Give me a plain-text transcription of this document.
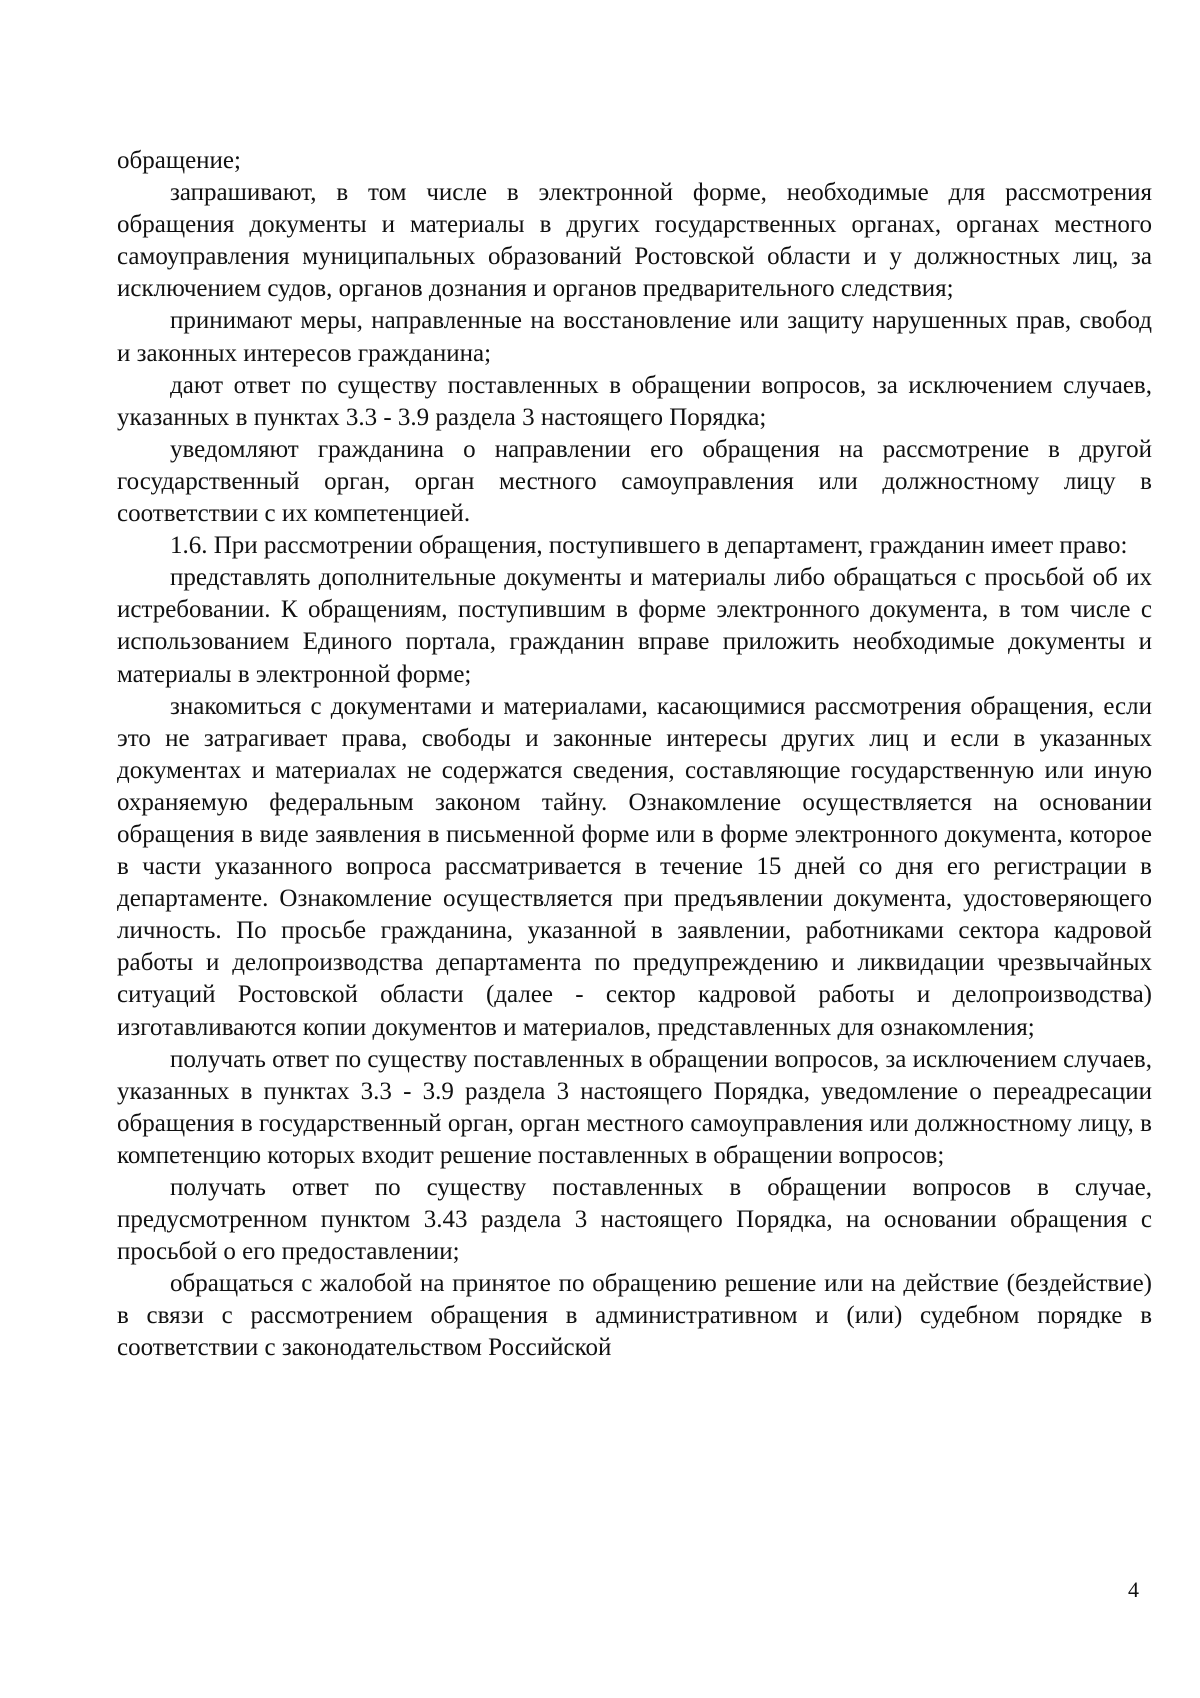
обращение;

запрашивают, в том числе в электронной форме, необходимые для рассмотрения обращения документы и материалы в других государственных органах, органах местного самоуправления муниципальных образований Ростовской области и у должностных лиц, за исключением судов, органов дознания и органов предварительного следствия;

принимают меры, направленные на восстановление или защиту нарушенных прав, свобод и законных интересов гражданина;

дают ответ по существу поставленных в обращении вопросов, за исключением случаев, указанных в пунктах 3.3 - 3.9 раздела 3 настоящего Порядка;

уведомляют гражданина о направлении его обращения на рассмотрение в другой государственный орган, орган местного самоуправления или должностному лицу в соответствии с их компетенцией.

1.6. При рассмотрении обращения, поступившего в департамент, гражданин имеет право:

представлять дополнительные документы и материалы либо обращаться с просьбой об их истребовании. К обращениям, поступившим в форме электронного документа, в том числе с использованием Единого портала, гражданин вправе приложить необходимые документы и материалы в электронной форме;

знакомиться с документами и материалами, касающимися рассмотрения обращения, если это не затрагивает права, свободы и законные интересы других лиц и если в указанных документах и материалах не содержатся сведения, составляющие государственную или иную охраняемую федеральным законом тайну. Ознакомление осуществляется на основании обращения в виде заявления в письменной форме или в форме электронного документа, которое в части указанного вопроса рассматривается в течение 15 дней со дня его регистрации в департаменте. Ознакомление осуществляется при предъявлении документа, удостоверяющего личность. По просьбе гражданина, указанной в заявлении, работниками сектора кадровой работы и делопроизводства департамента по предупреждению и ликвидации чрезвычайных ситуаций Ростовской области (далее - сектор кадровой работы и делопроизводства) изготавливаются копии документов и материалов, представленных для ознакомления;

получать ответ по существу поставленных в обращении вопросов, за исключением случаев, указанных в пунктах 3.3 - 3.9 раздела 3 настоящего Порядка, уведомление о переадресации обращения в государственный орган, орган местного самоуправления или должностному лицу, в компетенцию которых входит решение поставленных в обращении вопросов;

получать ответ по существу поставленных в обращении вопросов в случае, предусмотренном пунктом 3.43 раздела 3 настоящего Порядка, на основании обращения с просьбой о его предоставлении;

обращаться с жалобой на принятое по обращению решение или на действие (бездействие) в связи с рассмотрением обращения в административном и (или) судебном порядке в соответствии с законодательством Российской

4
